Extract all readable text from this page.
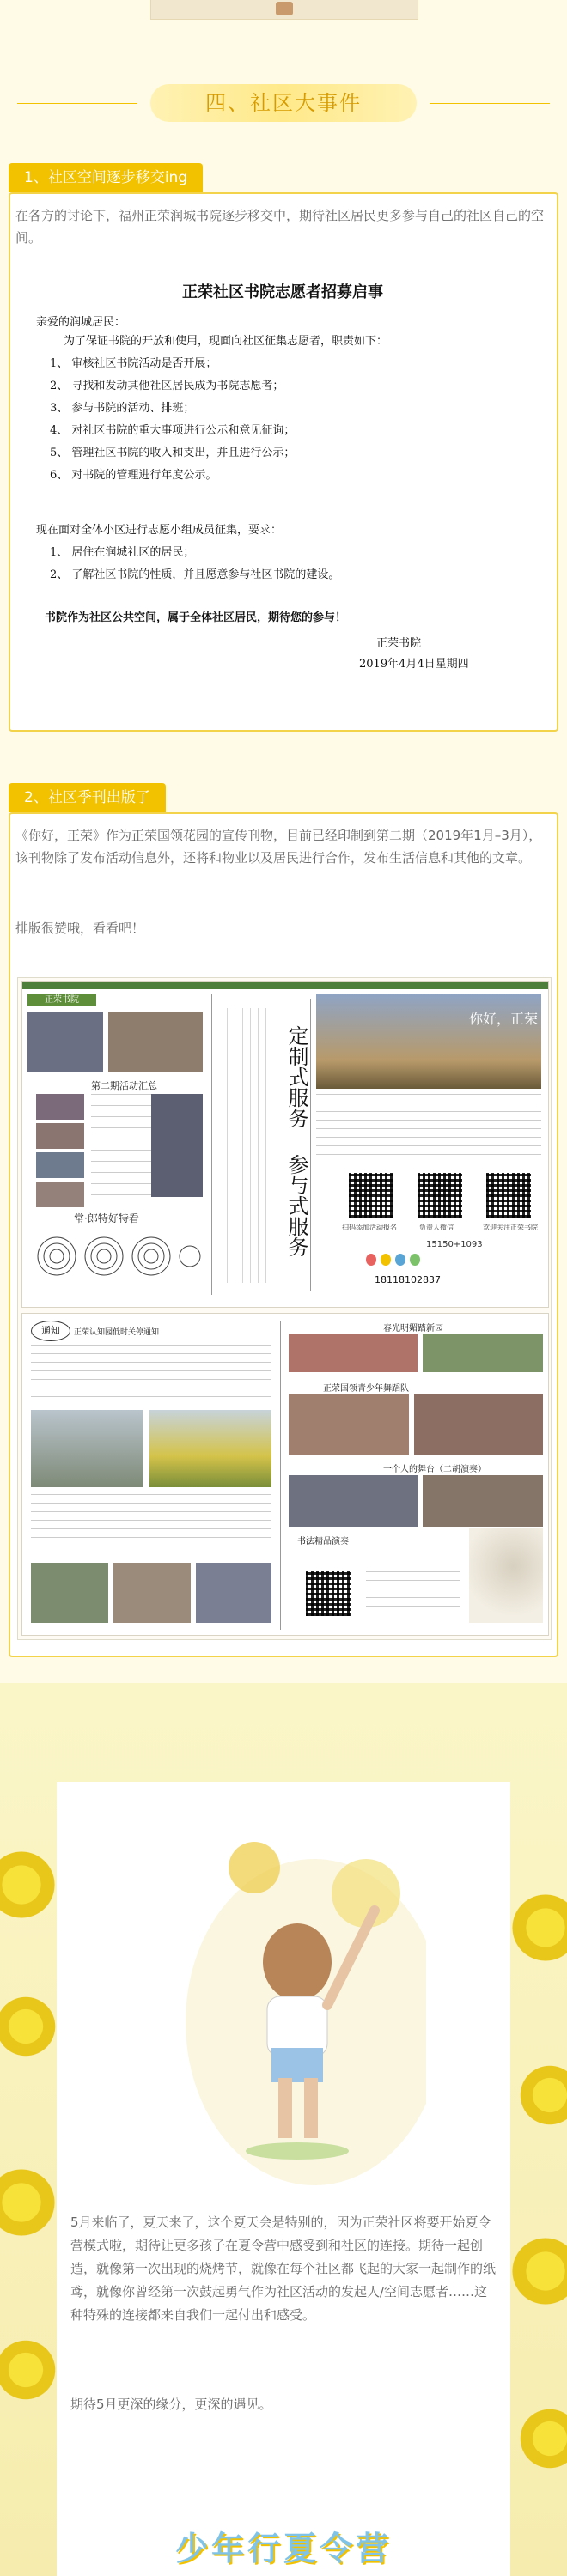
四、社区大事件
1、社区空间逐步移交ing
在各方的讨论下，福州正荣润城书院逐步移交中，期待社区居民更多参与自己的社区自己的空间。
正荣社区书院志愿者招募启事
亲爱的润城居民：
为了保证书院的开放和使用，现面向社区征集志愿者，职责如下：
1、 审核社区书院活动是否开展；
2、 寻找和发动其他社区居民成为书院志愿者；
3、 参与书院的活动、排班；
4、 对社区书院的重大事项进行公示和意见征询；
5、 管理社区书院的收入和支出，并且进行公示；
6、 对书院的管理进行年度公示。
现在面对全体小区进行志愿小组成员征集，要求：
1、 居住在润城社区的居民；
2、 了解社区书院的性质，并且愿意参与社区书院的建设。
书院作为社区公共空间，属于全体社区居民，期待您的参与！
正荣书院
2019年4月4日星期四
2、社区季刊出版了
《你好，正荣》作为正荣国领花园的宣传刊物，目前已经印制到第二期（2019年1月–3月），该刊物除了发布活动信息外，还将和物业以及居民进行合作，发布生活信息和其他的文章。
排版很赞哦，看看吧！
正荣书院
第二期活动汇总
常·郎特好特看
定制式服务
参与式服务
你好，正荣
扫码添加活动报名	负责人微信	欢迎关注正荣书院
15150+1093

18118102837
通知	正荣认知园低时关停通知	春光明媚踏新园
正荣国领青少年舞蹈队
一个人的舞台（二胡演奏）
书法精品演奏
5月来临了，夏天来了，这个夏天会是特别的，因为正荣社区将要开始夏令营模式啦，期待让更多孩子在夏令营中感受到和社区的连接。期待一起创造，就像第一次出现的烧烤节，就像在每个社区都飞起的大家一起制作的纸鸢，就像你曾经第一次鼓起勇气作为社区活动的发起人/空间志愿者……这种特殊的连接都来自我们一起付出和感受。
期待5月更深的缘分，更深的遇见。
少年行夏令营
